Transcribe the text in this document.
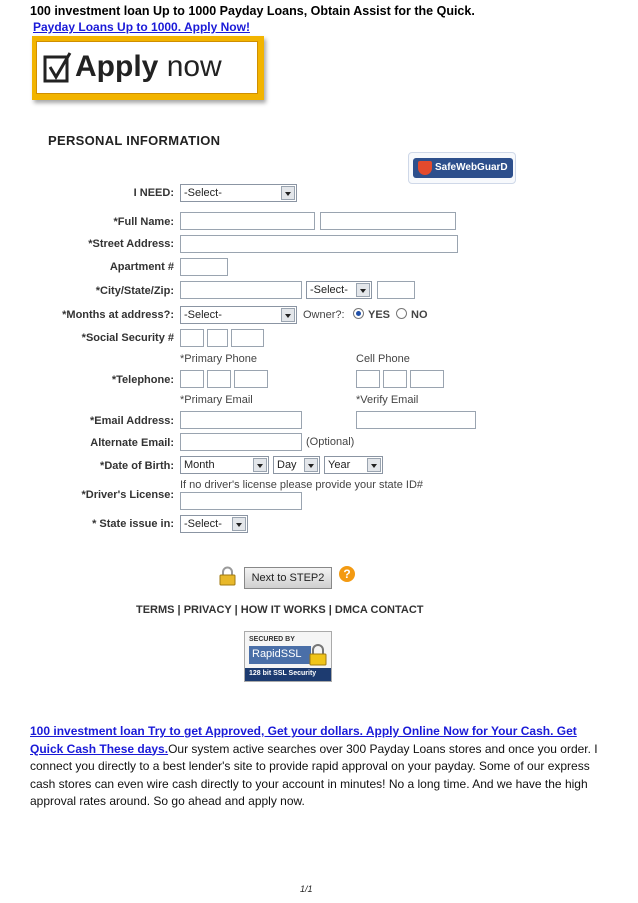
100 investment loan Up to 1000 Payday Loans, Obtain Assist for the Quick.
Payday Loans Up to 1000. Apply Now!
Apply now
PERSONAL INFORMATION
SafeWebGuarD
I NEED: -Select-
*Full Name:
*Street Address:
Apartment #
*City/State/Zip:	-Select-
*Months at address?: -Select-	Owner?: YES NO
*Social Security #
*Primary Phone	Cell Phone
*Telephone:
*Primary Email	*Verify Email
*Email Address:
Alternate Email:	(Optional)
*Date of Birth: Month	Day	Year
If no driver's license please provide your state ID#
*Driver's License:
* State issue in: -Select-
Next to STEP2	?
TERMS | PRIVACY | HOW IT WORKS | DMCA CONTACT
SECURED BY
RapidSSL
128 bit SSL Security
100 investment loan Try to get Approved, Get your dollars. Apply Online Now for Your Cash. Get Quick Cash These days.Our system active searches over 300 Payday Loans stores and once you order. I connect you directly to a best lender's site to provide rapid approval on your payday. Some of our express cash stores can even wire cash directly to your account in minutes! No a long time. And we have the high approval rates around. So go ahead and apply now.
1/1
